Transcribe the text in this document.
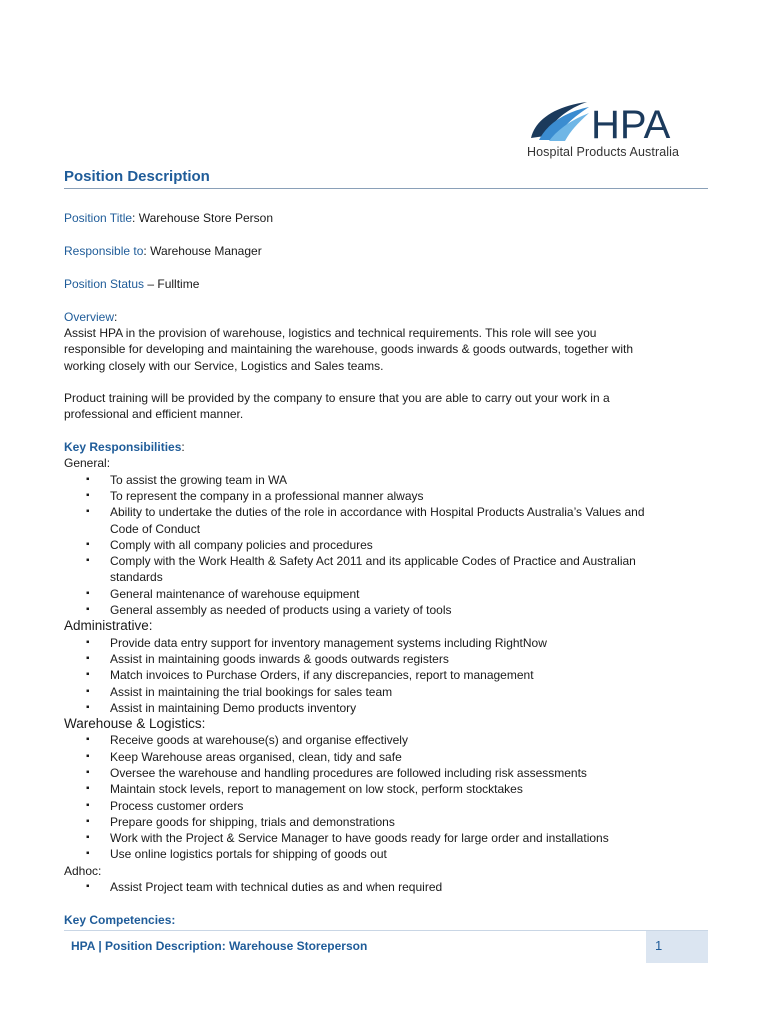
HPA
Hospital Products Australia
Position Description

Position Title: Warehouse Store Person

Responsible to: Warehouse Manager

Position Status – Fulltime

Overview:

Assist HPA in the provision of warehouse, logistics and technical requirements. This role will see you

responsible for developing and maintaining the warehouse, goods inwards & goods outwards, together with

working closely with our Service, Logistics and Sales teams.

Product training will be provided by the company to ensure that you are able to carry out your work in a

professional and efficient manner.

Key Responsibilities:

General:

▪ To assist the growing team in WA
▪ To represent the company in a professional manner always
▪ Ability to undertake the duties of the role in accordance with Hospital Products Australia’s Values and
Code of Conduct
▪ Comply with all company policies and procedures
▪ Comply with the Work Health & Safety Act 2011 and its applicable Codes of Practice and Australian
standards
▪ General maintenance of warehouse equipment
▪ General assembly as needed of products using a variety of tools

Administrative:

▪ Provide data entry support for inventory management systems including RightNow
▪ Assist in maintaining goods inwards & goods outwards registers
▪ Match invoices to Purchase Orders, if any discrepancies, report to management
▪ Assist in maintaining the trial bookings for sales team
▪ Assist in maintaining Demo products inventory

Warehouse & Logistics:

▪ Receive goods at warehouse(s) and organise effectively
▪ Keep Warehouse areas organised, clean, tidy and safe
▪ Oversee the warehouse and handling procedures are followed including risk assessments
▪ Maintain stock levels, report to management on low stock, perform stocktakes
▪ Process customer orders
▪ Prepare goods for shipping, trials and demonstrations
▪ Work with the Project & Service Manager to have goods ready for large order and installations
▪ Use online logistics portals for shipping of goods out

Adhoc:

▪ Assist Project team with technical duties as and when required

Key Competencies:

HPA | Position Description: Warehouse Storeperson	1
